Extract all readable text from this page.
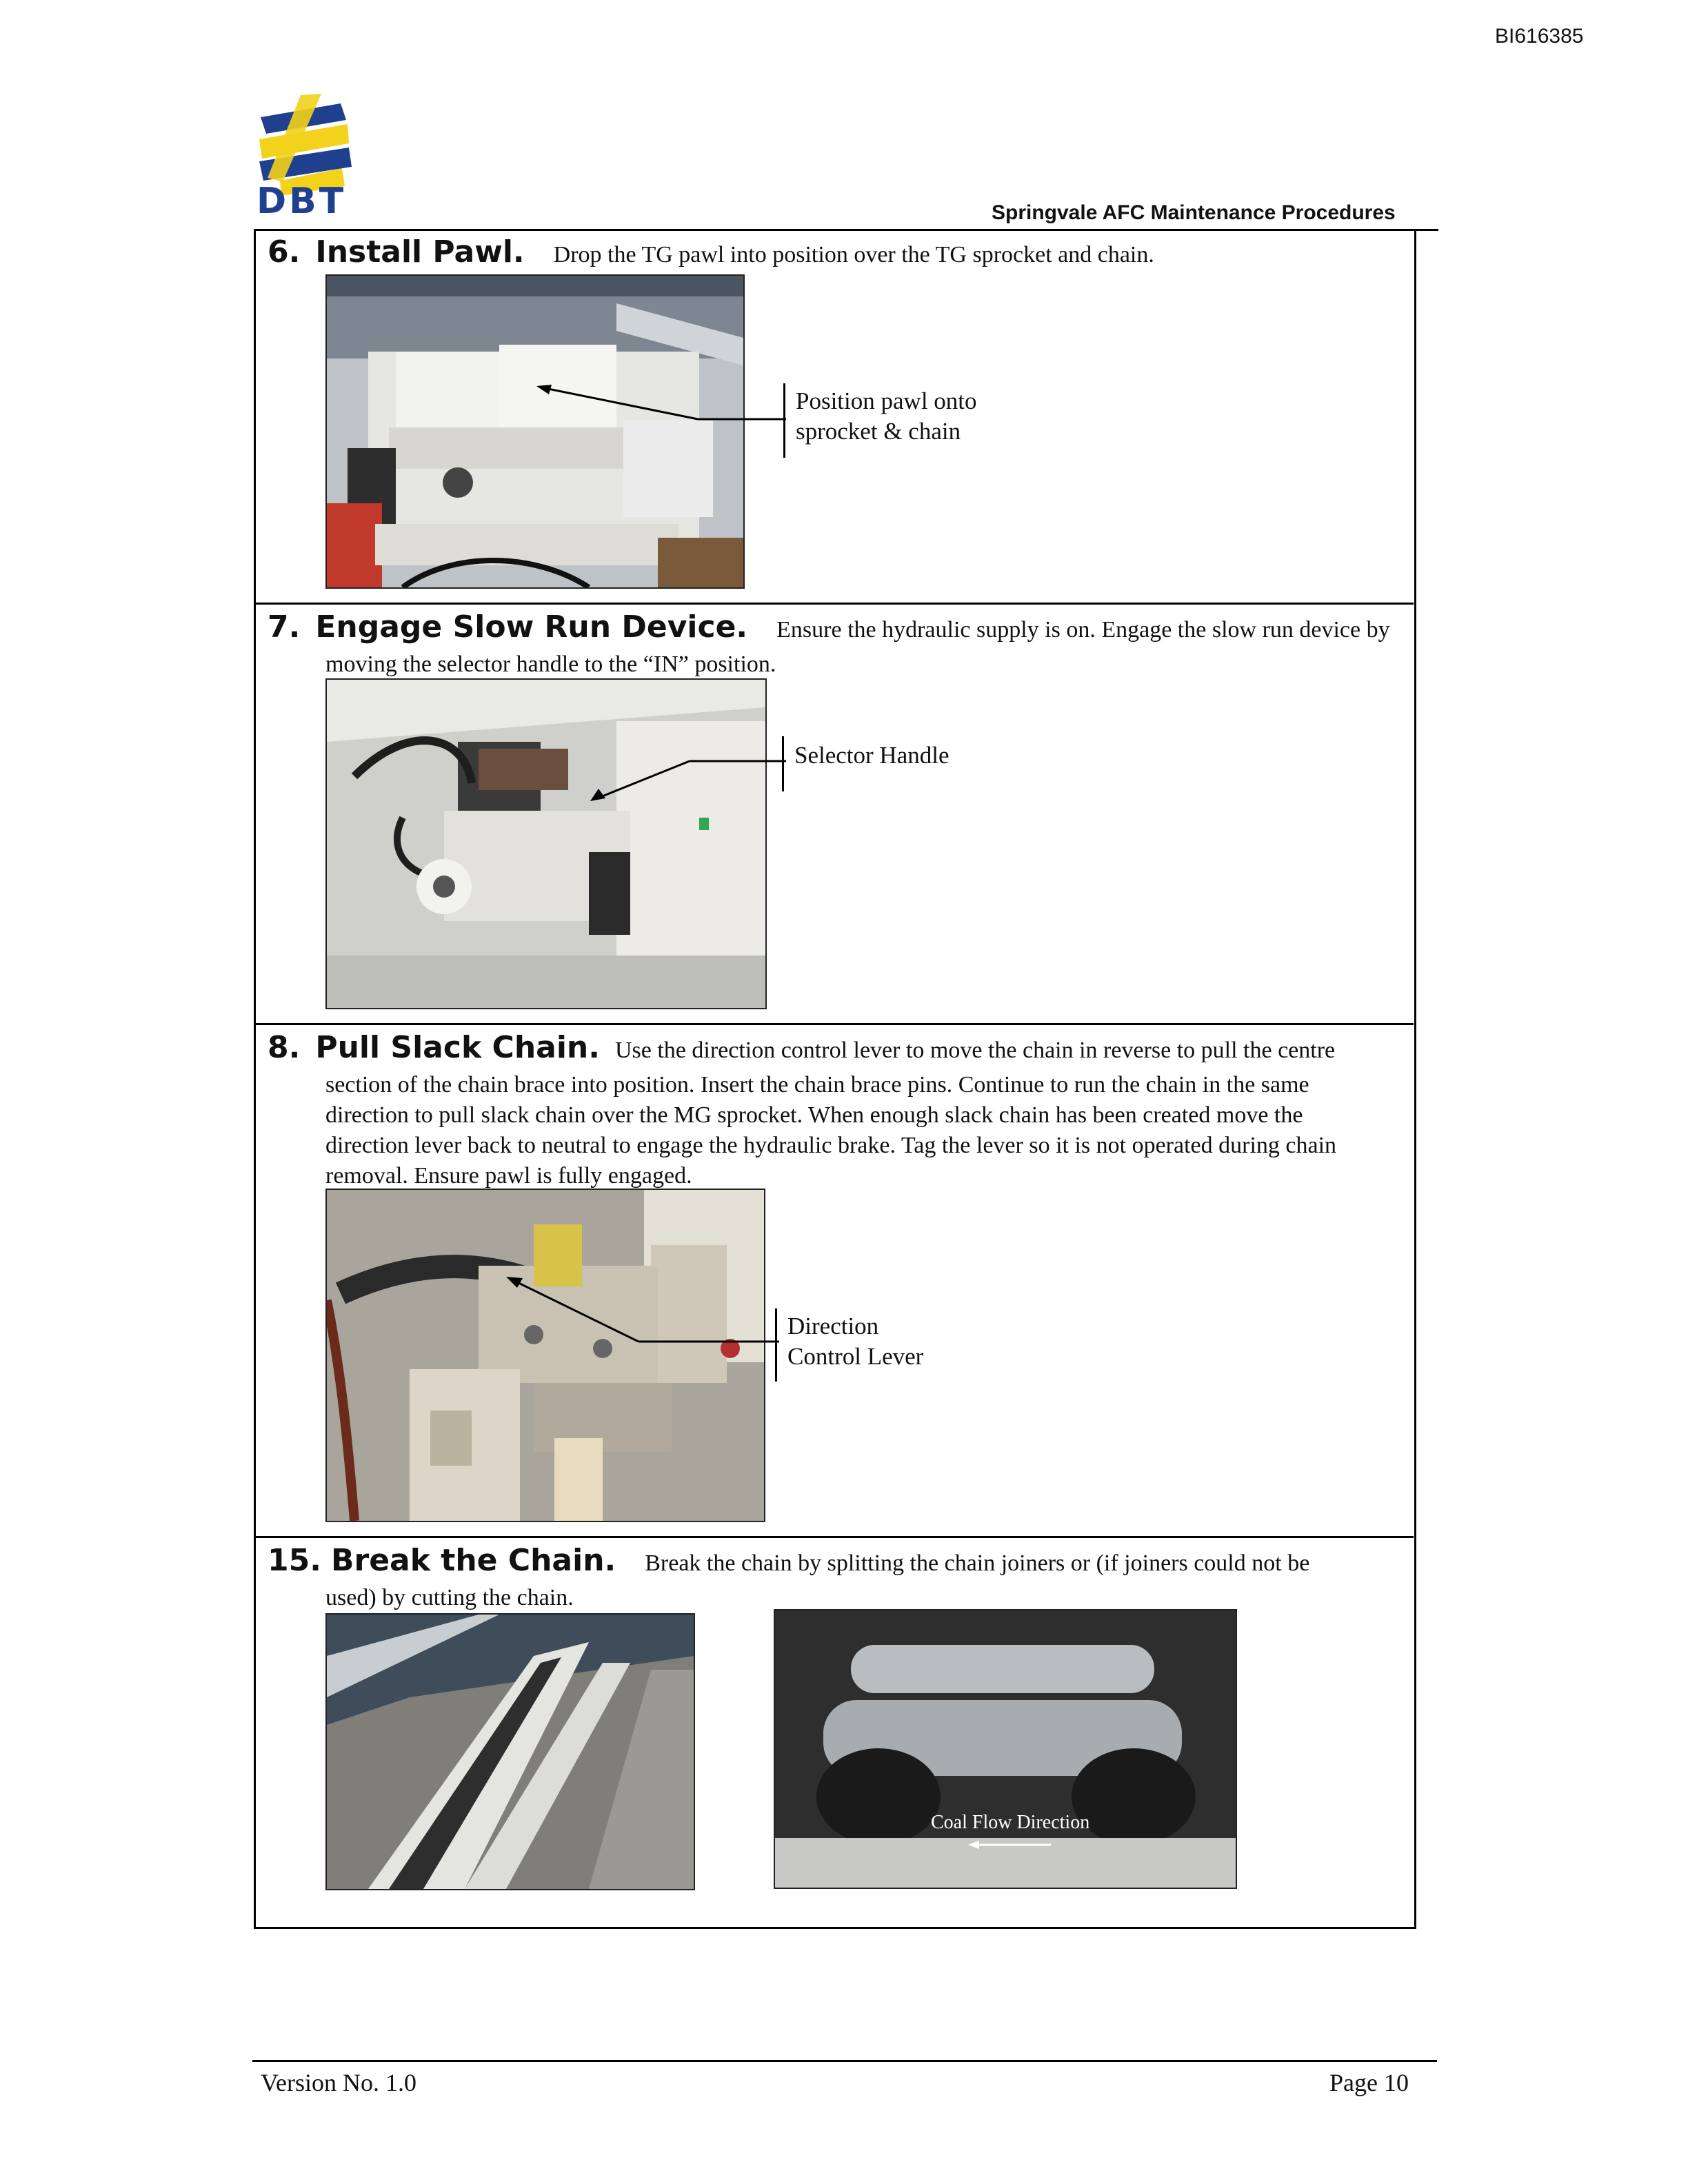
BI616385
DBT	Springvale AFC Maintenance Procedures
6. Install Pawl. Drop the TG pawl into position over the TG sprocket and chain.
Position pawl onto
sprocket & chain
7. Engage Slow Run Device. Ensure the hydraulic supply is on. Engage the slow run device by
moving the selector handle to the “IN” position.
Selector Handle
8. Pull Slack Chain. Use the direction control lever to move the chain in reverse to pull the centre
section of the chain brace into position. Insert the chain brace pins. Continue to run the chain in the same direction to pull slack chain over the MG sprocket. When enough slack chain has been created move the direction lever back to neutral to engage the hydraulic brake. Tag the lever so it is not operated during chain removal. Ensure pawl is fully engaged.
Direction
Control Lever
15. Break the Chain. Break the chain by splitting the chain joiners or (if joiners could not be
used) by cutting the chain.
Coal Flow Direction
Version No. 1.0	Page 10
